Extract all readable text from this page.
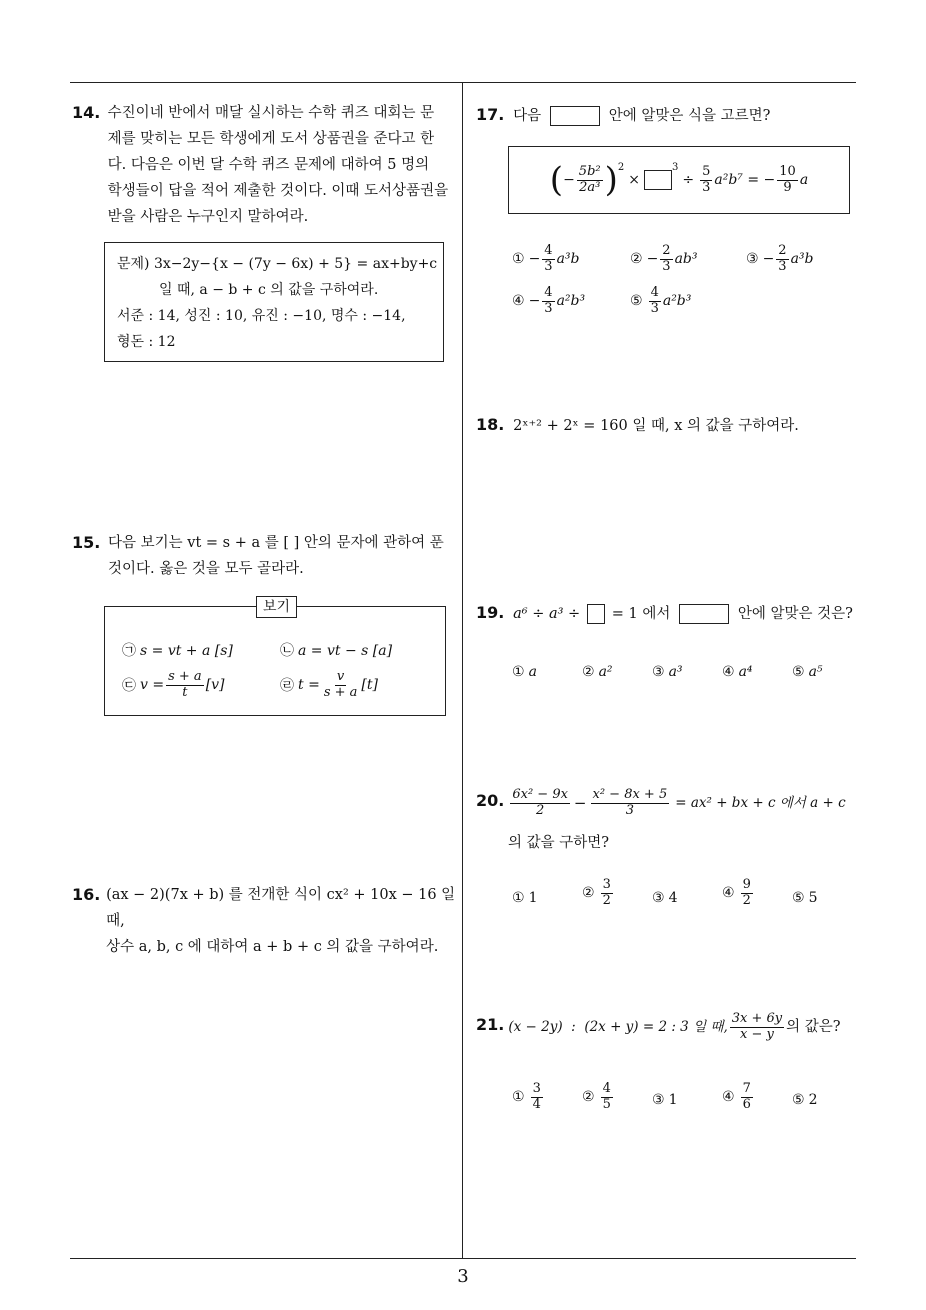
3
14. 수진이네 반에서 매달 실시하는 수학 퀴즈 대회는 문
제를 맞히는 모든 학생에게 도서 상품권을 준다고 한
다. 다음은 이번 달 수학 퀴즈 문제에 대하여 5 명의
학생들이 답을 적어 제출한 것이다. 이때 도서상품권을
받을 사람은 누구인지 말하여라.
문제) 3x−2y−{x − (7y − 6x) + 5} = ax+by+c
일 때, a − b + c 의 값을 구하여라.
서준 : 14, 성진 : 10, 유진 : −10, 명수 : −14,
형돈 : 12
15. 다음 보기는 vt = s + a 를 [ ] 안의 문자에 관하여 푼
것이다. 옳은 것을 모두 골라라.
보기
㉠ s = vt + a [s]	㉡ a = vt − s [a]
㉢ $v = \frac{s + a}{t} [v]$	㉣ $t = \frac{v}{s + a} [t]$
16. (ax − 2)(7x + b) 를 전개한 식이 cx² + 10x − 16 일 때,
상수 a, b, c 에 대하여 a + b + c 의 값을 구하여라.
17. 다음	안에 알맞은 식을 고르면?
( − $\frac{\text{5b²}}{\text{2a³}}$ ) 2
×
3
÷ $\frac{5}{3} a^2b^7$ = − $\frac{10}{9}$ a
① − $\frac{4}{3} a^3b$	② − $\frac{2}{3} ab^3$	③ − $\frac{2}{3} a^3b$
④ − $\frac{4}{3} a^2b^3$	⑤ $\frac{4}{3} a^2b^3$
18. 2ˣ⁺² + 2ˣ = 160 일 때, x 의 값을 구하여라.
19. a⁶ ÷ a³ ÷ = 1 에서	안에 알맞은 것은?
① a	② a²	③ a³	④ a⁴	⑤ a⁵
20. $\frac{\text{6x² − 9x}}{2} - \frac{\text{x² − 8x + 5}}{3} = ax^2$ + bx + c 에서 a + c
의 값을 구하면?
① 1	② $\frac{3}{2}$	③ 4	④ $\frac{9}{2}$	⑤ 5
21. (x − 2y)  :  (2x + y) = 2 : 3 일 때, $\frac{3x + 6y}{x - y}$ 의 값은?
① $\frac{3}{4}$	② $\frac{4}{5}$	③ 1	④ $\frac{7}{6}$	⑤ 2
